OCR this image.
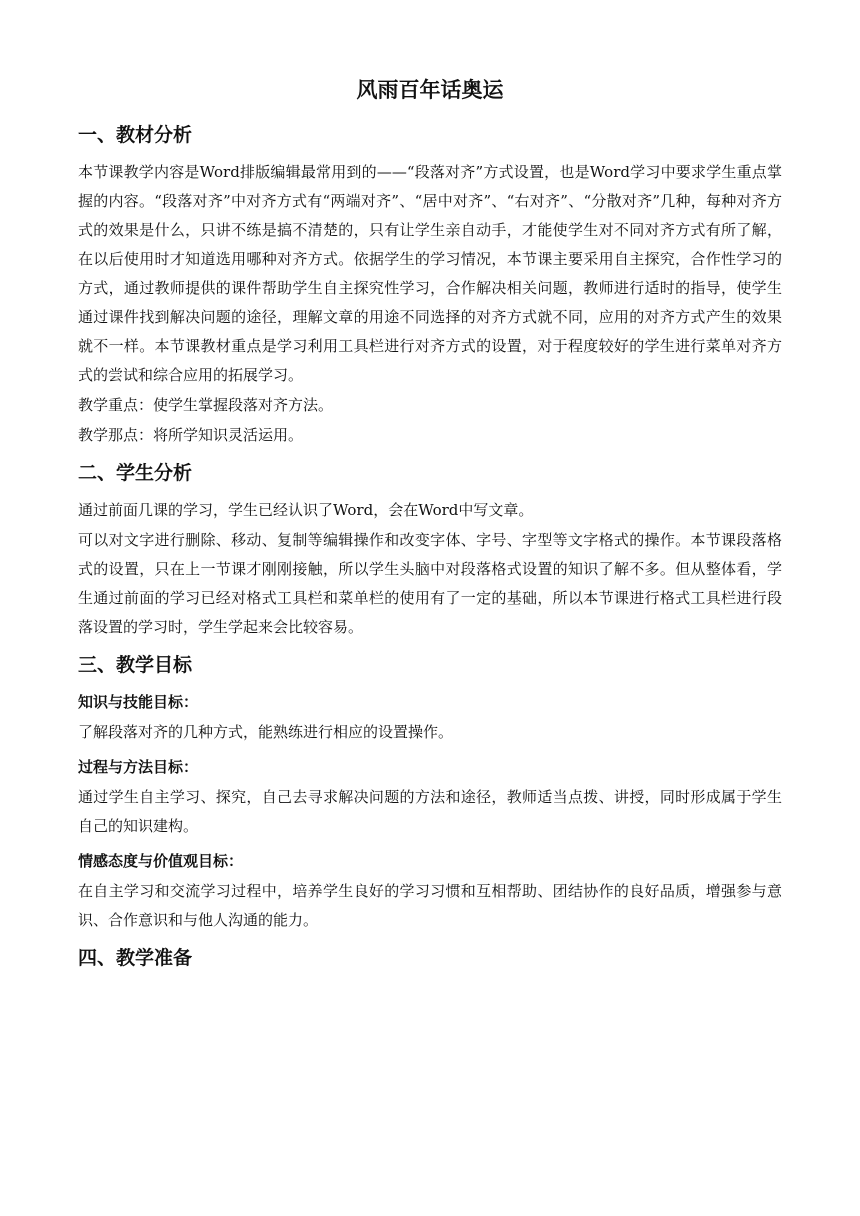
风雨百年话奥运
一、教材分析

本节课教学内容是Word排版编辑最常用到的——“段落对齐”方式设置，也是Word学习中要求学生重点掌握的内容。“段落对齐”中对齐方式有“两端对齐”、“居中对齐”、“右对齐”、“分散对齐”几种，每种对齐方式的效果是什么，只讲不练是搞不清楚的，只有让学生亲自动手，才能使学生对不同对齐方式有所了解，在以后使用时才知道选用哪种对齐方式。依据学生的学习情况，本节课主要采用自主探究，合作性学习的方式，通过教师提供的课件帮助学生自主探究性学习，合作解决相关问题，教师进行适时的指导，使学生通过课件找到解决问题的途径，理解文章的用途不同选择的对齐方式就不同，应用的对齐方式产生的效果就不一样。本节课教材重点是学习利用工具栏进行对齐方式的设置，对于程度较好的学生进行菜单对齐方式的尝试和综合应用的拓展学习。

教学重点：使学生掌握段落对齐方法。

教学那点：将所学知识灵活运用。

二、学生分析

通过前面几课的学习，学生已经认识了Word，会在Word中写文章。

可以对文字进行删除、移动、复制等编辑操作和改变字体、字号、字型等文字格式的操作。本节课段落格式的设置，只在上一节课才刚刚接触，所以学生头脑中对段落格式设置的知识了解不多。但从整体看，学生通过前面的学习已经对格式工具栏和菜单栏的使用有了一定的基础，所以本节课进行格式工具栏进行段落设置的学习时，学生学起来会比较容易。

三、教学目标
知识与技能目标：

了解段落对齐的几种方式，能熟练进行相应的设置操作。

过程与方法目标：

通过学生自主学习、探究，自己去寻求解决问题的方法和途径，教师适当点拨、讲授，同时形成属于学生自己的知识建构。

情感态度与价值观目标：

在自主学习和交流学习过程中，培养学生良好的学习习惯和互相帮助、团结协作的良好品质，增强参与意识、合作意识和与他人沟通的能力。

四、教学准备
